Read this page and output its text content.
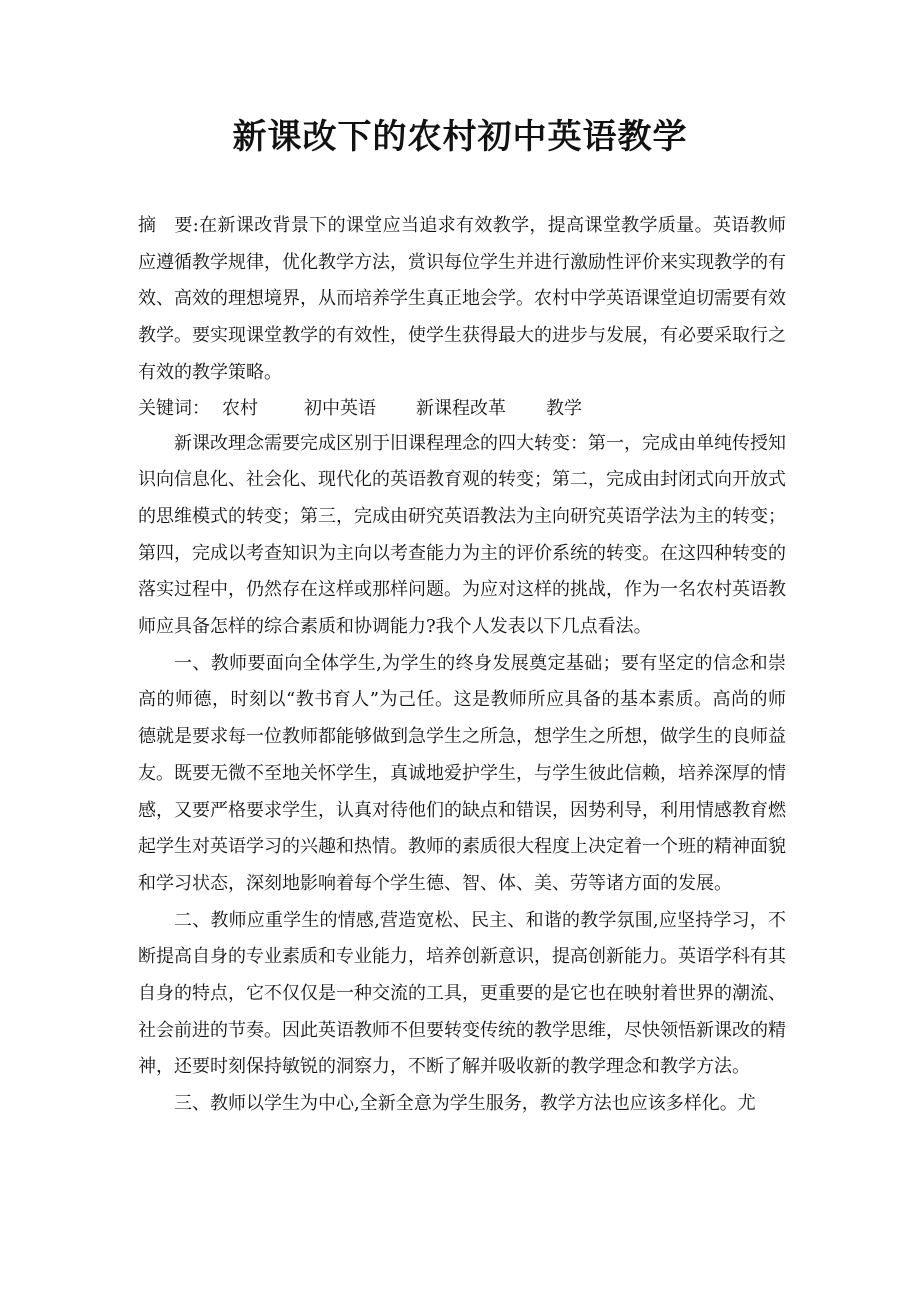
新课改下的农村初中英语教学

摘 要:在新课改背景下的课堂应当追求有效教学，提高课堂教学质量。英语教师应遵循教学规律，优化教学方法，赏识每位学生并进行激励性评价来实现教学的有效、高效的理想境界，从而培养学生真正地会学。农村中学英语课堂迫切需要有效教学。要实现课堂教学的有效性，使学生获得最大的进步与发展，有必要采取行之有效的教学策略。

关键词： 农村	初中英语 新课程改革 教学

新课改理念需要完成区别于旧课程理念的四大转变：第一，完成由单纯传授知识向信息化、社会化、现代化的英语教育观的转变；第二，完成由封闭式向开放式的思维模式的转变；第三，完成由研究英语教法为主向研究英语学法为主的转变；第四，完成以考查知识为主向以考查能力为主的评价系统的转变。在这四种转变的落实过程中，仍然存在这样或那样问题。为应对这样的挑战，作为一名农村英语教师应具备怎样的综合素质和协调能力?我个人发表以下几点看法。

一、教师要面向全体学生,为学生的终身发展奠定基础；要有坚定的信念和崇高的师德，时刻以“教书育人”为己任。这是教师所应具备的基本素质。高尚的师德就是要求每一位教师都能够做到急学生之所急，想学生之所想，做学生的良师益友。既要无微不至地关怀学生，真诚地爱护学生，与学生彼此信赖，培养深厚的情感，又要严格要求学生，认真对待他们的缺点和错误，因势利导，利用情感教育燃起学生对英语学习的兴趣和热情。教师的素质很大程度上决定着一个班的精神面貌和学习状态，深刻地影响着每个学生德、智、体、美、劳等诸方面的发展。

二、教师应重学生的情感,营造宽松、民主、和谐的教学氛围,应坚持学习，不断提高自身的专业素质和专业能力，培养创新意识，提高创新能力。英语学科有其自身的特点，它不仅仅是一种交流的工具，更重要的是它也在映射着世界的潮流、社会前进的节奏。因此英语教师不但要转变传统的教学思维，尽快领悟新课改的精神，还要时刻保持敏锐的洞察力，不断了解并吸收新的教学理念和教学方法。

三、教师以学生为中心,全新全意为学生服务，教学方法也应该多样化。尤
